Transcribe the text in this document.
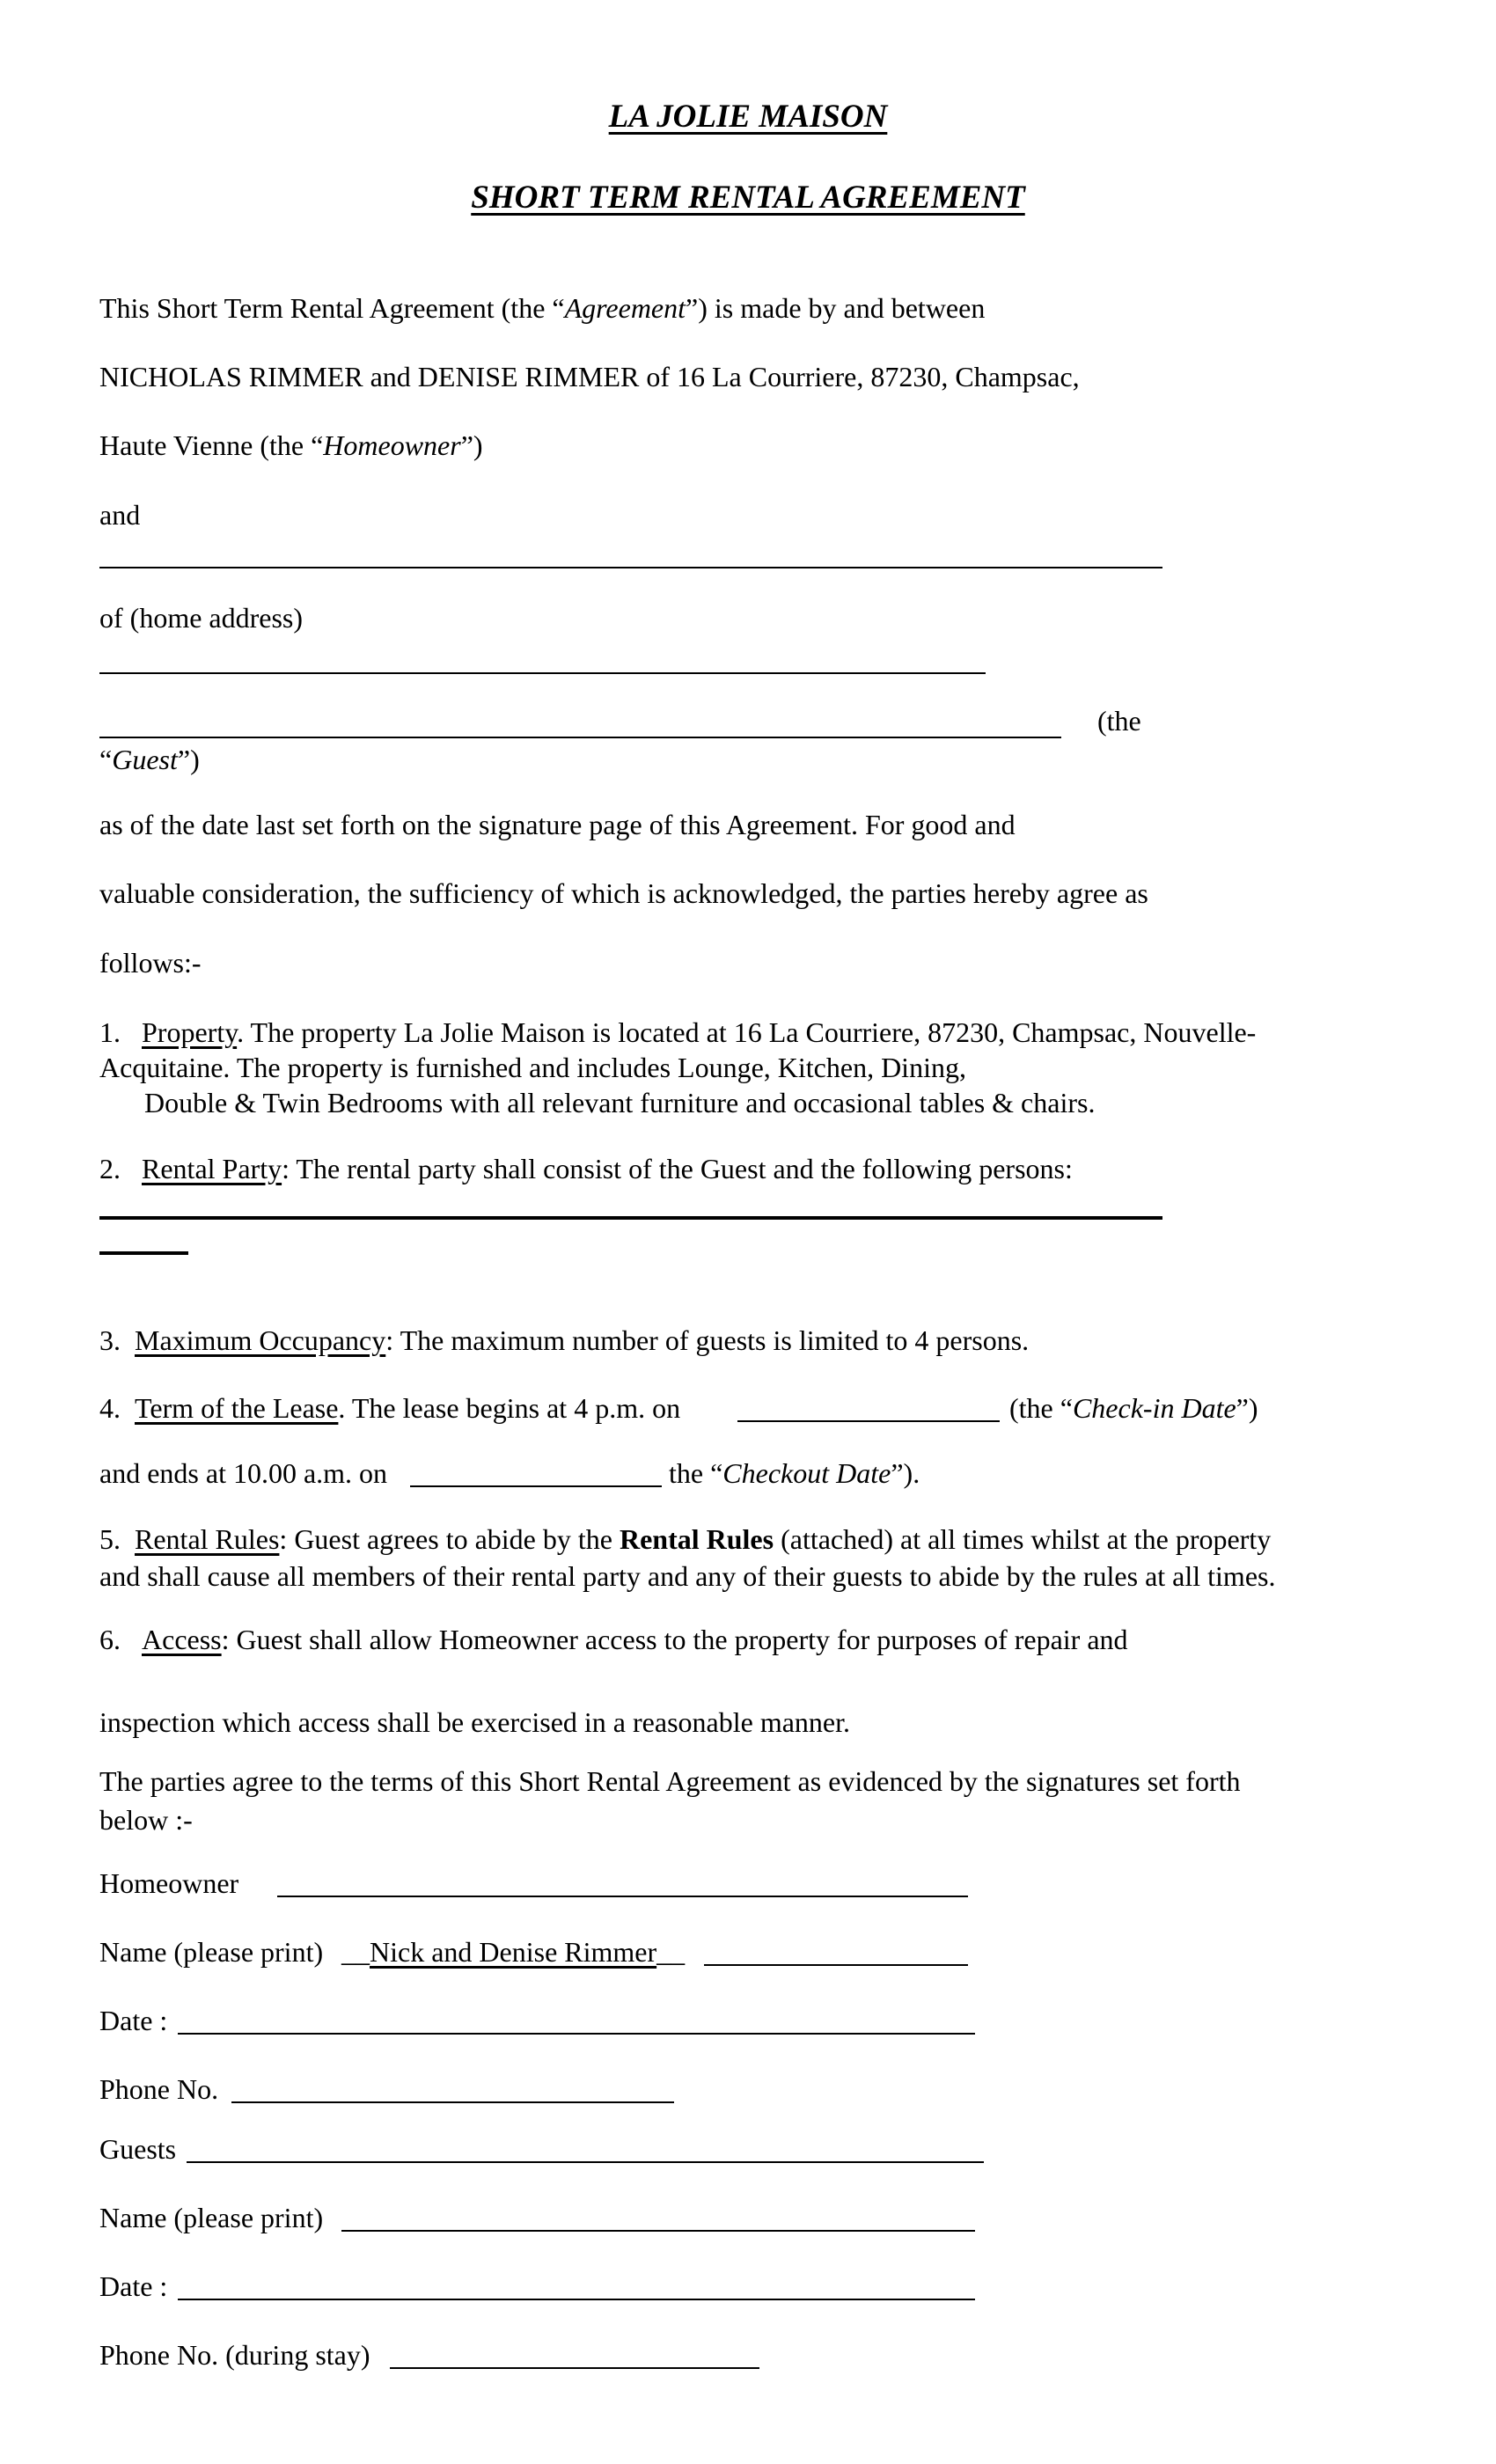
LA JOLIE MAISON
SHORT TERM RENTAL AGREEMENT
This Short Term Rental Agreement (the “Agreement”) is made by and between
NICHOLAS RIMMER and DENISE RIMMER of 16 La Courriere, 87230, Champsac,
Haute Vienne (the “Homeowner”)
and
of (home address)
(the
“Guest”)
as of the date last set forth on the signature page of this Agreement. For good and
valuable consideration, the sufficiency of which is acknowledged, the parties hereby agree as
follows:-
1. Property. The property La Jolie Maison is located at 16 La Courriere, 87230, Champsac, Nouvelle-
Acquitaine. The property is furnished and includes Lounge, Kitchen, Dining,
Double & Twin Bedrooms with all relevant furniture and occasional tables & chairs.
2. Rental Party: The rental party shall consist of the Guest and the following persons:
3. Maximum Occupancy: The maximum number of guests is limited to 4 persons.
4. Term of the Lease. The lease begins at 4 p.m. on	(the “Check-in Date”)
and ends at 10.00 a.m. on	the “Checkout Date”).
5. Rental Rules: Guest agrees to abide by the Rental Rules (attached) at all times whilst at the property
and shall cause all members of their rental party and any of their guests to abide by the rules at all times.
6. Access: Guest shall allow Homeowner access to the property for purposes of repair and
inspection which access shall be exercised in a reasonable manner.
The parties agree to the terms of this Short Rental Agreement as evidenced by the signatures set forth
below :-
Homeowner
Name (please print) __Nick and Denise Rimmer__
Date :
Phone No.
Guests
Name (please print)
Date :
Phone No. (during stay)
